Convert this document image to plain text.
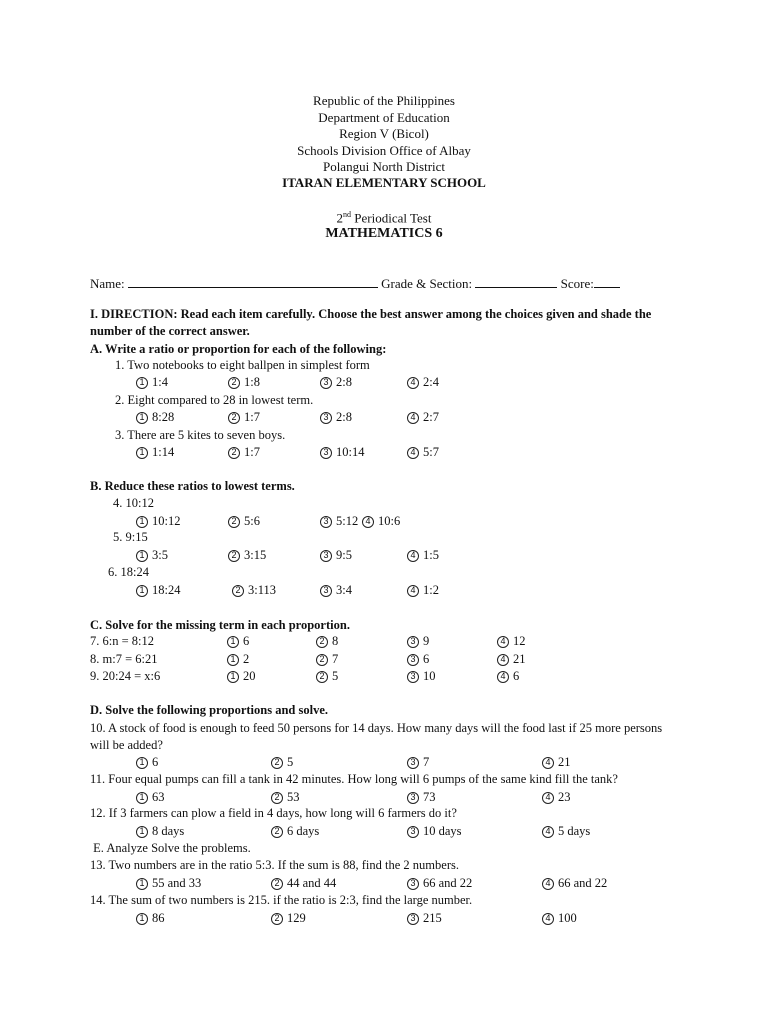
Republic of the Philippines
Department of Education
Region V (Bicol)
Schools Division Office of Albay
Polangui North District
ITARAN ELEMENTARY SCHOOL
2nd Periodical Test
MATHEMATICS 6
Name:	Grade & Section:	Score:
I. DIRECTION: Read each item carefully. Choose the best answer among the choices given and shade the
number of the correct answer.
A. Write a ratio or proportion for each of the following:
1. Two notebooks to eight ballpen in simplest form
1 1:4	2 1:8	3 2:8	4 2:4
2. Eight compared to 28 in lowest term.
1 8:28	2 1:7	3 2:8	4 2:7
3. There are 5 kites to seven boys.
1 1:14	2 1:7	3 10:14	4 5:7
B. Reduce these ratios to lowest terms.
4. 10:12
1 10:12	2 5:6	3 5:12 4 10:6
5. 9:15
1 3:5	2 3:15	3 9:5	4 1:5
6. 18:24
1 18:24	2 3:113	3 3:4	4 1:2
C. Solve for the missing term in each proportion.
7. 6:n = 8:12	1 6	2 8	3 9	4 12
8. m:7 = 6:21	1 2	2 7	3 6	4 21
9. 20:24 = x:6	1 20	2 5	3 10	4 6
D. Solve the following proportions and solve.
10. A stock of food is enough to feed 50 persons for 14 days. How many days will the food last if 25 more persons
will be added?
1 6	2 5	3 7	4 21
11. Four equal pumps can fill a tank in 42 minutes. How long will 6 pumps of the same kind fill the tank?
1 63	2 53	3 73	4 23
12. If 3 farmers can plow a field in 4 days, how long will 6 farmers do it?
1 8 days	2 6 days	3 10 days	4 5 days
E. Analyze Solve the problems.
13. Two numbers are in the ratio 5:3. If the sum is 88, find the 2 numbers.
1 55 and 33	2 44 and 44	3 66 and 22	4 66 and 22
14. The sum of two numbers is 215. if the ratio is 2:3, find the large number.
1 86	2 129	3 215	4 100
